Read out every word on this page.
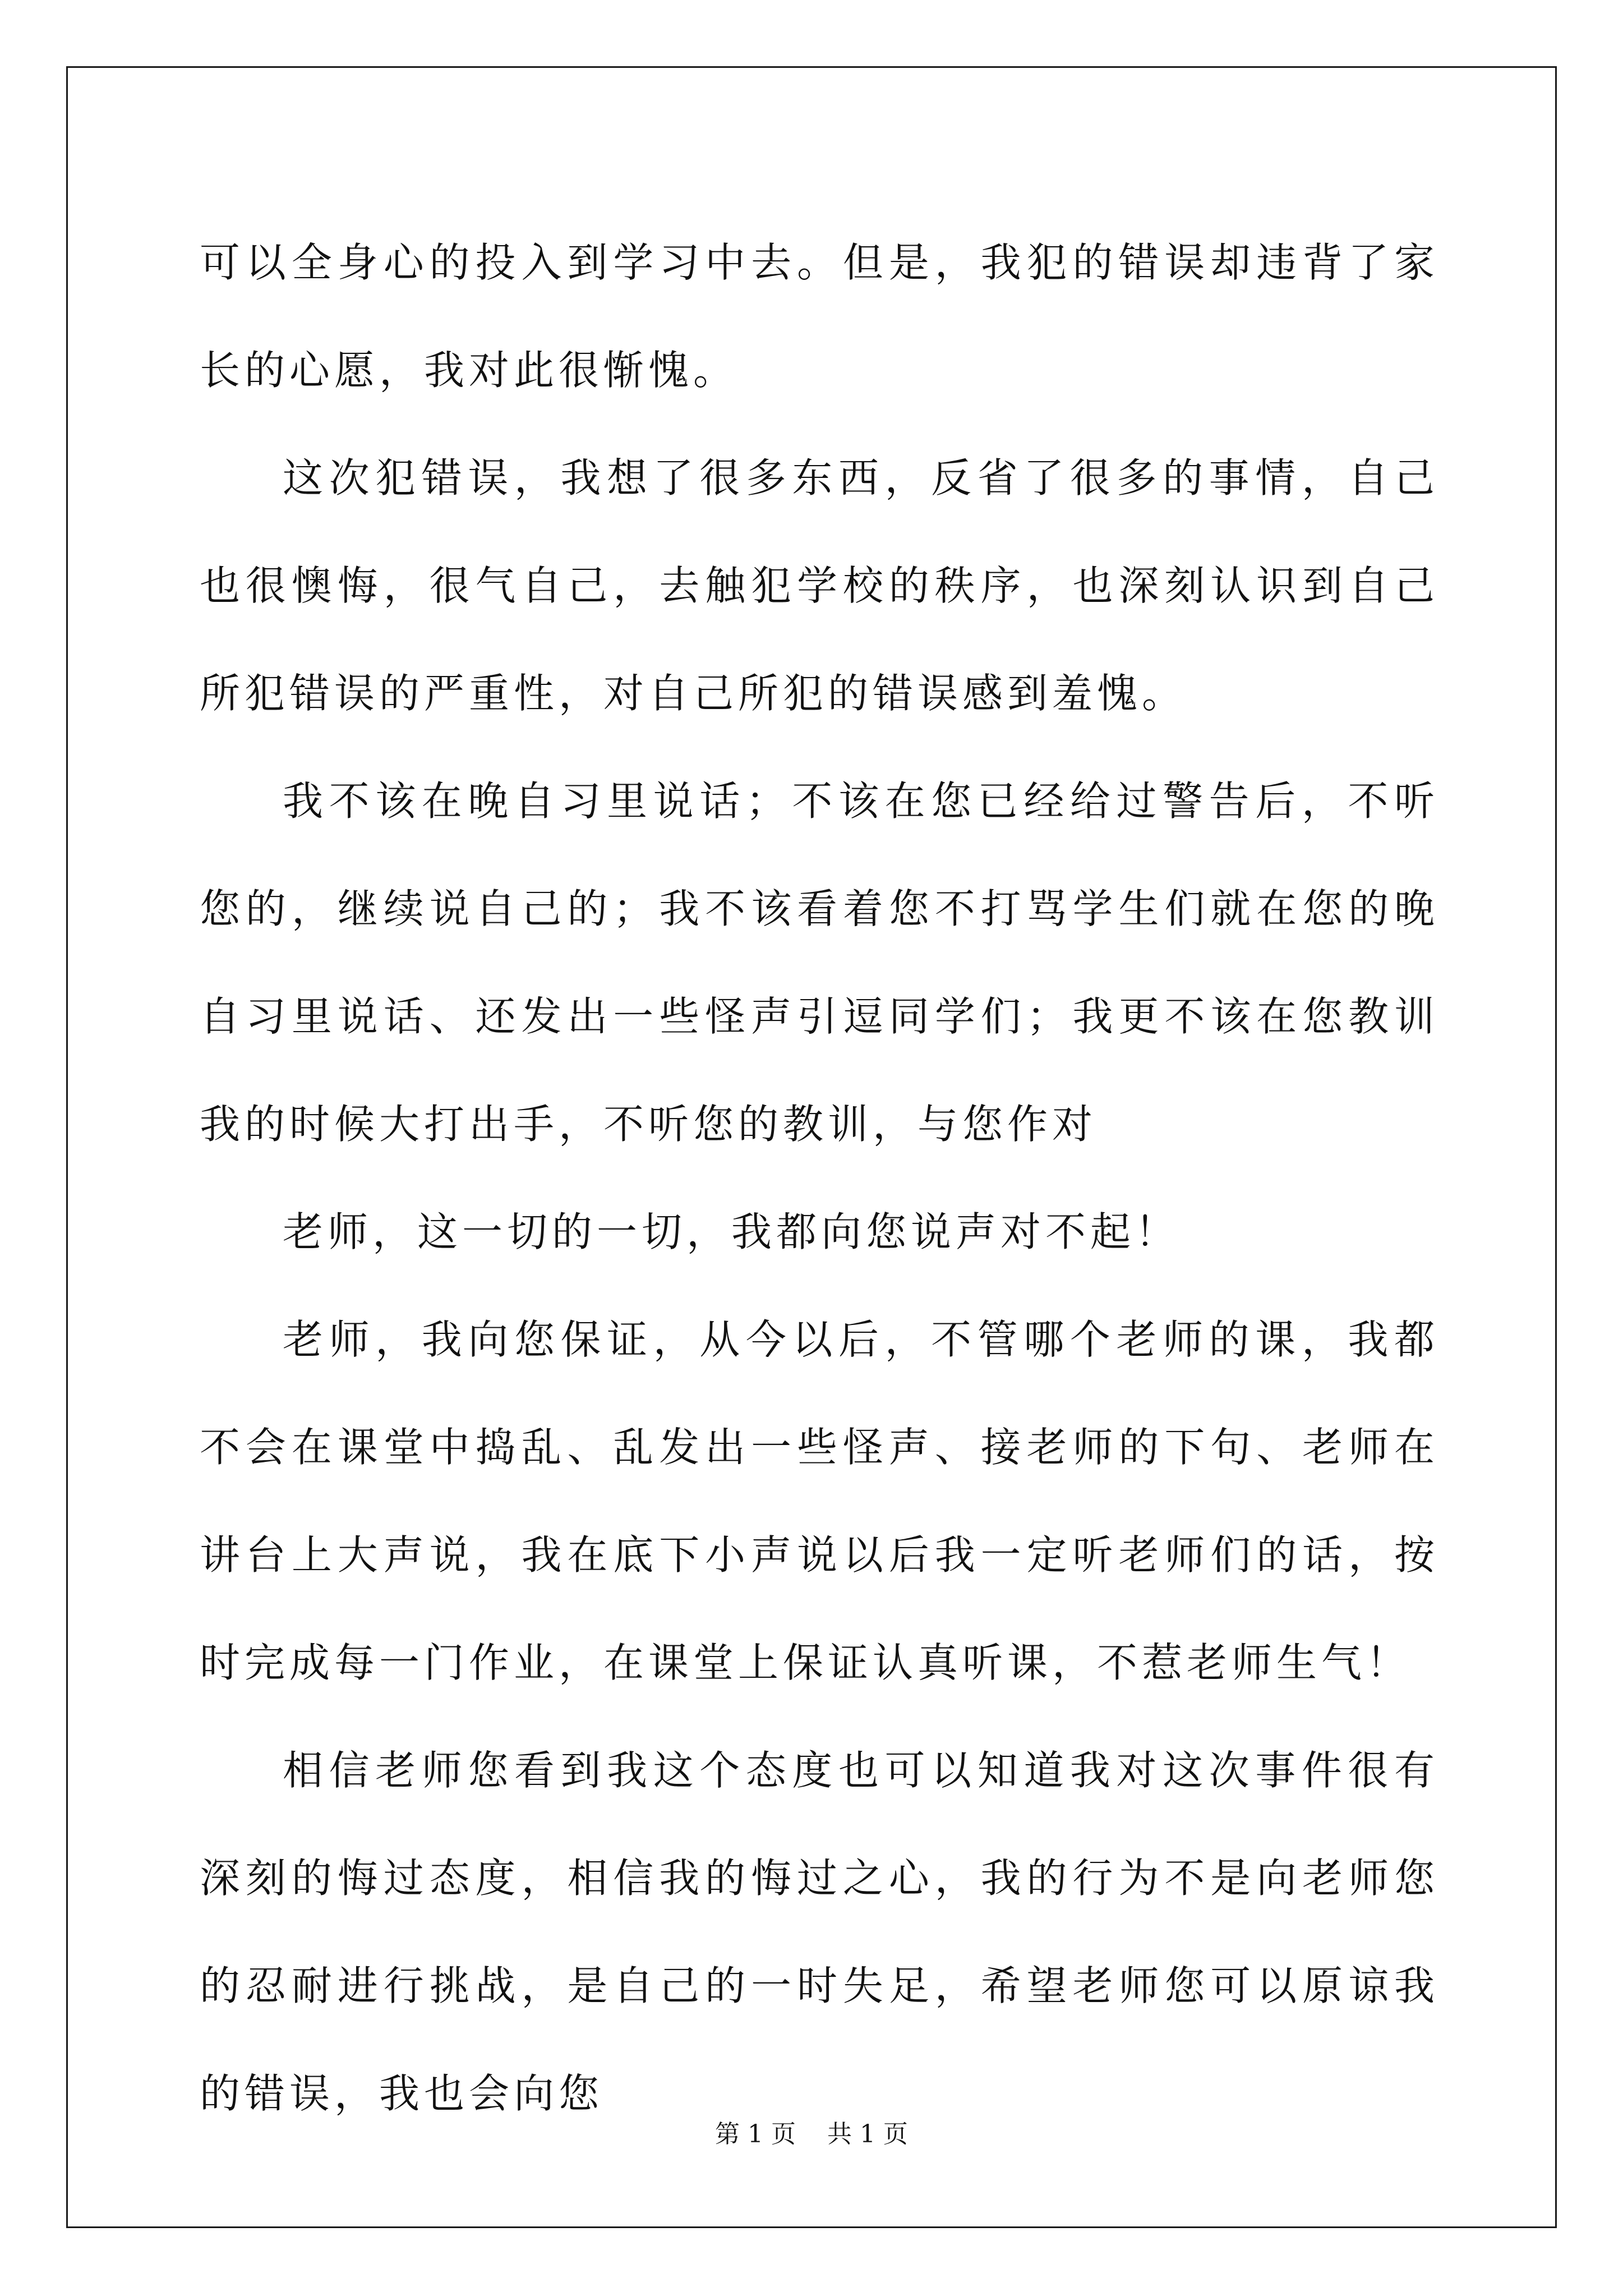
可以全身心的投入到学习中去。但是，我犯的错误却违背了家长的心愿，我对此很惭愧。

这次犯错误，我想了很多东西，反省了很多的事情，自己也很懊悔，很气自己，去触犯学校的秩序，也深刻认识到自己所犯错误的严重性，对自己所犯的错误感到羞愧。

我不该在晚自习里说话；不该在您已经给过警告后，不听您的，继续说自己的；我不该看着您不打骂学生们就在您的晚自习里说话、还发出一些怪声引逗同学们；我更不该在您教训我的时候大打出手，不听您的教训，与您作对

老师，这一切的一切，我都向您说声对不起！

老师，我向您保证，从今以后，不管哪个老师的课，我都不会在课堂中捣乱、乱发出一些怪声、接老师的下句、老师在讲台上大声说，我在底下小声说以后我一定听老师们的话，按时完成每一门作业，在课堂上保证认真听课，不惹老师生气！

相信老师您看到我这个态度也可以知道我对这次事件很有深刻的悔过态度，相信我的悔过之心，我的行为不是向老师您的忍耐进行挑战，是自己的一时失足，希望老师您可以原谅我的错误，我也会向您

第 1 页    共 1 页
